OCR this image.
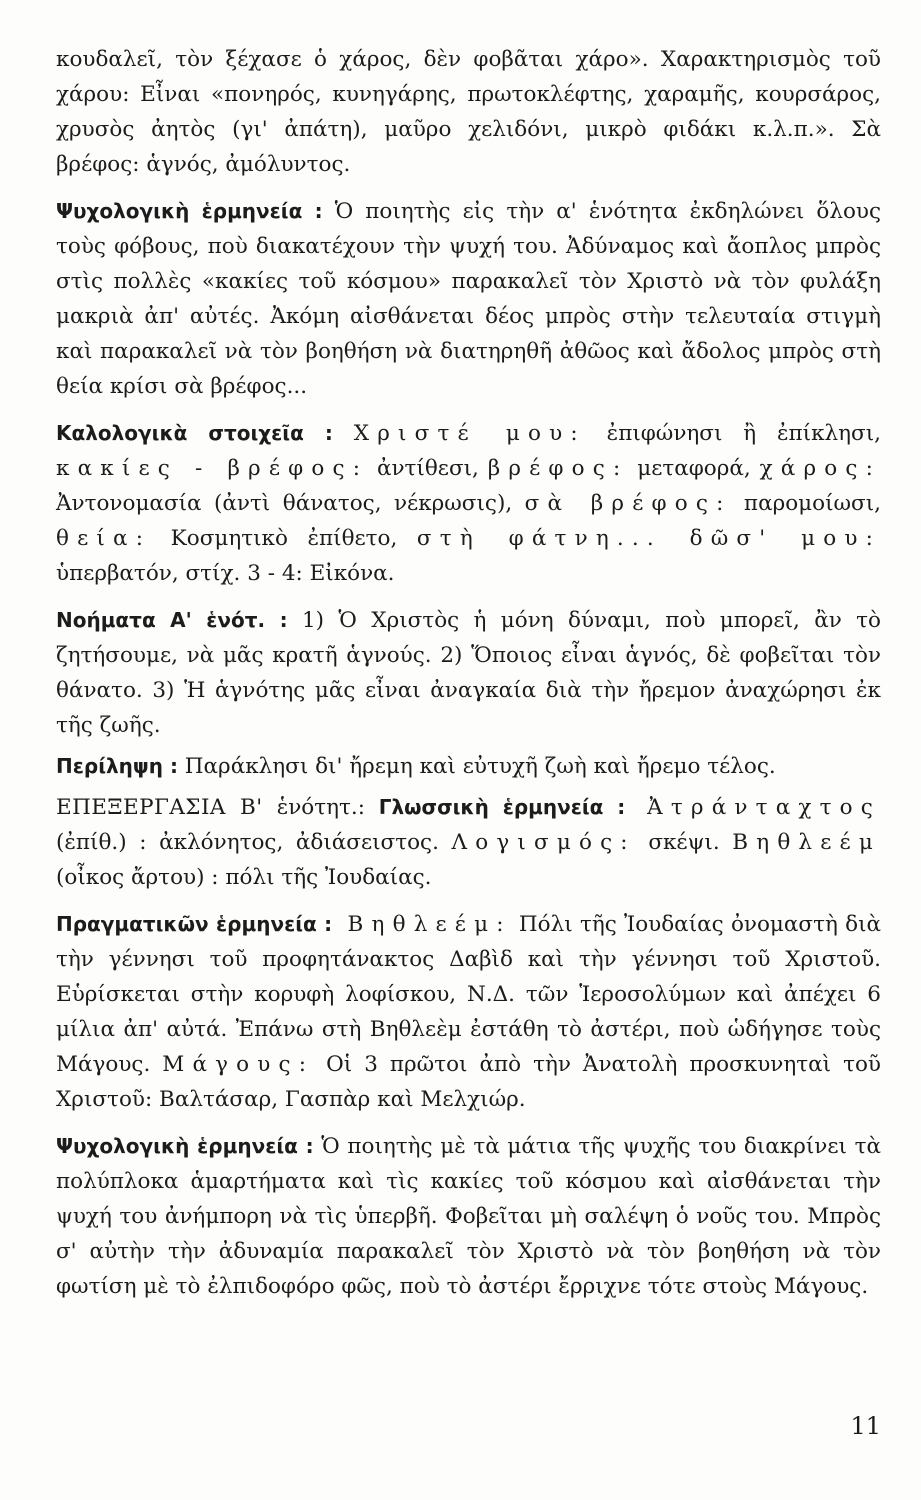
κουδαλεῖ, τὸν ξέχασε ὁ χάρος, δὲν φοβᾶται χάρο». Χαρακτηρισμὸς τοῦ χάρου: Εἶναι «πονηρός, κυνηγάρης, πρωτοκλέφτης, χαραμῆς, κουρσάρος, χρυσὸς ἀητὸς (γι' ἀπάτη), μαῦρο χελιδόνι, μικρὸ φιδάκι κ.λ.π.». Σὰ βρέφος: ἁγνός, ἀμόλυντος.

Ψυχολογικὴ ἑρμηνεία : Ὁ ποιητὴς εἰς τὴν α' ἑνότητα ἐκδηλώνει ὅλους τοὺς φόβους, ποὺ διακατέχουν τὴν ψυχή του. Ἀδύναμος καὶ ἄοπλος μπρὸς στὶς πολλὲς «κακίες τοῦ κόσμου» παρακαλεῖ τὸν Χριστὸ νὰ τὸν φυλάξη μακριὰ ἀπ' αὐτές. Ἀκόμη αἰσθάνεται δέος μπρὸς στὴν τελευταία στιγμὴ καὶ παρακαλεῖ νὰ τὸν βοηθήση νὰ διατηρηθῆ ἀθῶος καὶ ἄδολος μπρὸς στὴ θεία κρίσι σὰ βρέφος...

Καλολογικὰ στοιχεῖα : Χριστέ μου: ἐπιφώνησι ἢ ἐπίκλησι, κακίες - βρέφος: ἀντίθεσι, βρέφος: μεταφορά, χάρος: Ἀντονομασία (ἀντὶ θάνατος, νέκρωσις), σὰ βρέφος: παρομοίωσι, θεία: Κοσμητικὸ ἐπίθετο, στὴ φάτνη... δῶσ' μου: ὑπερβατόν, στίχ. 3 - 4: Εἰκόνα.

Νοήματα Α' ἑνότ. : 1) Ὁ Χριστὸς ἡ μόνη δύναμι, ποὺ μπορεῖ, ἂν τὸ ζητήσουμε, νὰ μᾶς κρατῆ ἁγνούς. 2) Ὅποιος εἶναι ἁγνός, δὲ φοβεῖται τὸν θάνατο. 3) Ἡ ἁγνότης μᾶς εἶναι ἀναγκαία διὰ τὴν ἤρεμον ἀναχώρησι ἐκ τῆς ζωῆς.

Περίληψη : Παράκλησι δι' ἤρεμη καὶ εὐτυχῆ ζωὴ καὶ ἤρεμο τέλος.

ΕΠΕΞΕΡΓΑΣΙΑ Β' ἑνότητ.: Γλωσσικὴ ἑρμηνεία : Ἀτράνταχτος (ἐπίθ.) : ἀκλόνητος, ἀδιάσειστος. Λογισμός: σκέψι. Βηθλεέμ (οἶκος ἄρτου) : πόλι τῆς Ἰουδαίας.

Πραγματικῶν ἑρμηνεία : Βηθλεέμ: Πόλι τῆς Ἰουδαίας ὀνομαστὴ διὰ τὴν γέννησι τοῦ προφητάνακτος Δαβὶδ καὶ τὴν γέννησι τοῦ Χριστοῦ. Εὑρίσκεται στὴν κορυφὴ λοφίσκου, Ν.Δ. τῶν Ἱεροσολύμων καὶ ἀπέχει 6 μίλια ἀπ' αὐτά. Ἐπάνω στὴ Βηθλεὲμ ἐστάθη τὸ ἀστέρι, ποὺ ὡδήγησε τοὺς Μάγους. Μάγους: Οἱ 3 πρῶτοι ἀπὸ τὴν Ἀνατολὴ προσκυνηταὶ τοῦ Χριστοῦ: Βαλτάσαρ, Γασπὰρ καὶ Μελχιώρ.

Ψυχολογικὴ ἑρμηνεία : Ὁ ποιητὴς μὲ τὰ μάτια τῆς ψυχῆς του διακρίνει τὰ πολύπλοκα ἁμαρτήματα καὶ τὶς κακίες τοῦ κόσμου καὶ αἰσθάνεται τὴν ψυχή του ἀνήμπορη νὰ τὶς ὑπερβῆ. Φοβεῖται μὴ σαλέψη ὁ νοῦς του. Μπρὸς σ' αὐτὴν τὴν ἀδυναμία παρακαλεῖ τὸν Χριστὸ νὰ τὸν βοηθήση νὰ τὸν φωτίση μὲ τὸ ἐλπιδοφόρο φῶς, ποὺ τὸ ἀστέρι ἔρριχνε τότε στοὺς Μάγους.

11
